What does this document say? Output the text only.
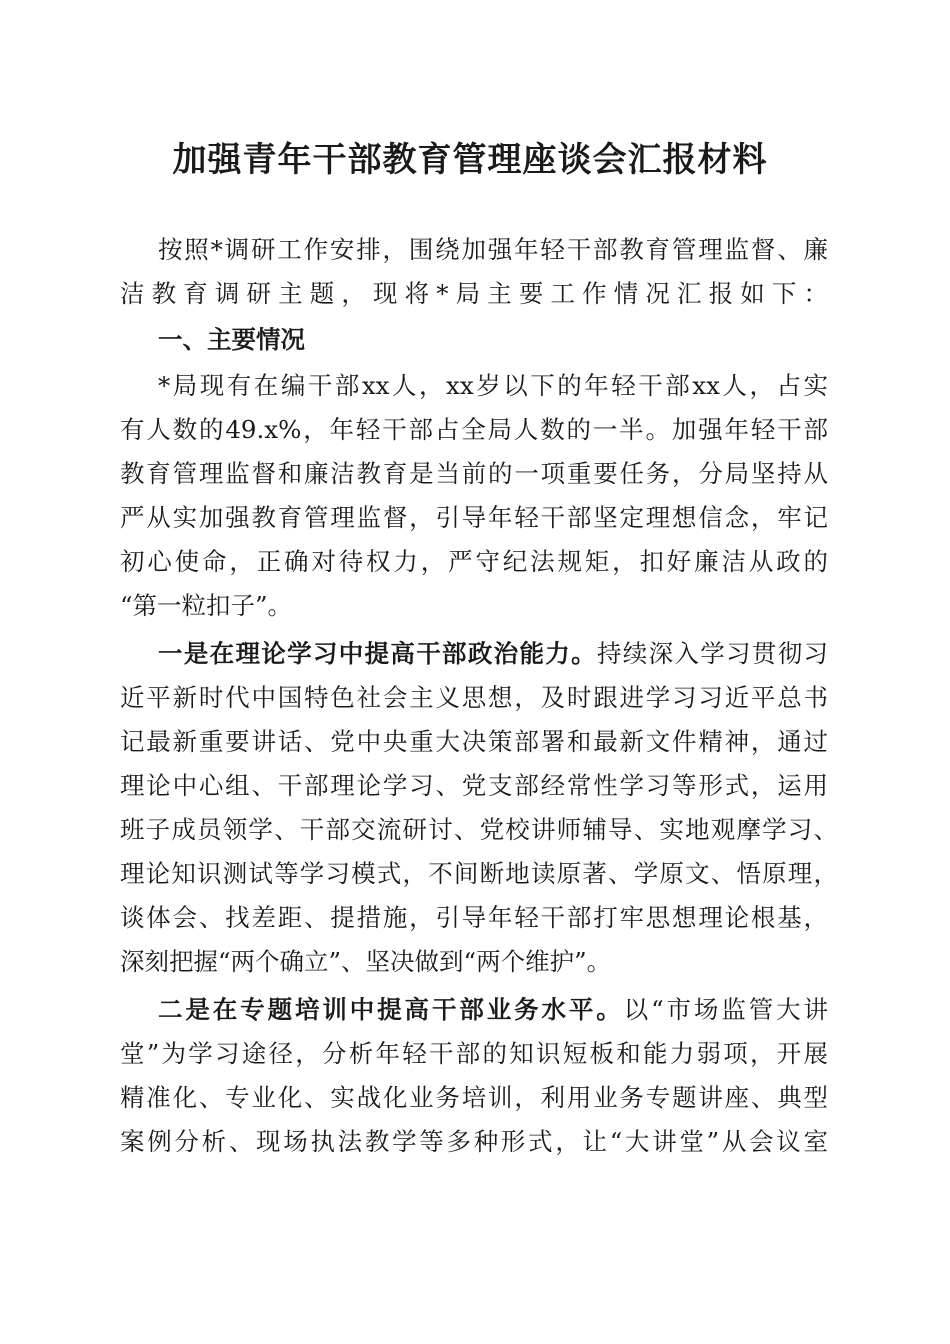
加强青年干部教育管理座谈会汇报材料

按照*调研工作安排，围绕加强年轻干部教育管理监督、廉

洁教育调研主题，现将*局主要工作情况汇报如下：

一、主要情况

*局现有在编干部xx人，xx岁以下的年轻干部xx人，占实

有人数的49.x%，年轻干部占全局人数的一半。加强年轻干部

教育管理监督和廉洁教育是当前的一项重要任务，分局坚持从

严从实加强教育管理监督，引导年轻干部坚定理想信念，牢记

初心使命，正确对待权力，严守纪法规矩，扣好廉洁从政的

“第一粒扣子”。

一是在理论学习中提高干部政治能力。持续深入学习贯彻习

近平新时代中国特色社会主义思想，及时跟进学习习近平总书

记最新重要讲话、党中央重大决策部署和最新文件精神，通过

理论中心组、干部理论学习、党支部经常性学习等形式，运用

班子成员领学、干部交流研讨、党校讲师辅导、实地观摩学习、

理论知识测试等学习模式，不间断地读原著、学原文、悟原理，

谈体会、找差距、提措施，引导年轻干部打牢思想理论根基，

深刻把握“两个确立”、坚决做到“两个维护”。

二是在专题培训中提高干部业务水平。以“市场监管大讲

堂”为学习途径，分析年轻干部的知识短板和能力弱项，开展

精准化、专业化、实战化业务培训，利用业务专题讲座、典型

案例分析、现场执法教学等多种形式，让“大讲堂”从会议室
